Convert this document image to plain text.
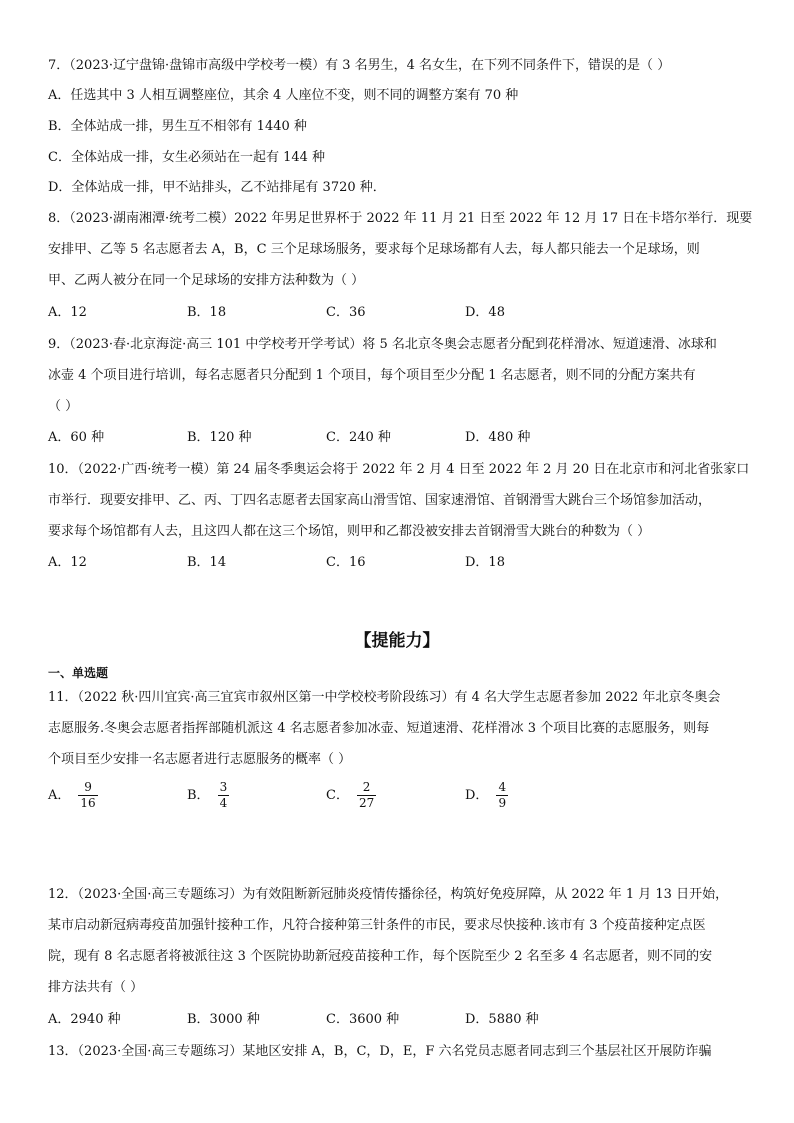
7．（2023·辽宁盘锦·盘锦市高级中学校考一模）有 3 名男生，4 名女生，在下列不同条件下，错误的是（ ）
A．任选其中 3 人相互调整座位，其余 4 人座位不变，则不同的调整方案有 70 种
B．全体站成一排，男生互不相邻有 1440 种
C．全体站成一排，女生必须站在一起有 144 种
D．全体站成一排，甲不站排头，乙不站排尾有 3720 种．
8．（2023·湖南湘潭·统考二模）2022 年男足世界杯于 2022 年 11 月 21 日至 2022 年 12 月 17 日在卡塔尔举行．现要
安排甲、乙等 5 名志愿者去 A，B，C 三个足球场服务，要求每个足球场都有人去，每人都只能去一个足球场，则
甲、乙两人被分在同一个足球场的安排方法种数为（ ）
A．12	B．18	C．36	D．48
9．（2023·春·北京海淀·高三 101 中学校考开学考试）将 5 名北京冬奥会志愿者分配到花样滑冰、短道速滑、冰球和
冰壶 4 个项目进行培训，每名志愿者只分配到 1 个项目，每个项目至少分配 1 名志愿者，则不同的分配方案共有
（ ）
A．60 种	B．120 种	C．240 种	D．480 种
10．（2022·广西·统考一模）第 24 届冬季奥运会将于 2022 年 2 月 4 日至 2022 年 2 月 20 日在北京市和河北省张家口
市举行．现要安排甲、乙、丙、丁四名志愿者去国家高山滑雪馆、国家速滑馆、首钢滑雪大跳台三个场馆参加活动，
要求每个场馆都有人去，且这四人都在这三个场馆，则甲和乙都没被安排去首钢滑雪大跳台的种数为（ ）
A．12	B．14	C．16	D．18
【提能力】
一、单选题
11．（2022 秋·四川宜宾·高三宜宾市叙州区第一中学校校考阶段练习）有 4 名大学生志愿者参加 2022 年北京冬奥会
志愿服务.冬奥会志愿者指挥部随机派这 4 名志愿者参加冰壶、短道速滑、花样滑冰 3 个项目比赛的志愿服务，则每
个项目至少安排一名志愿者进行志愿服务的概率（ ）
A． $\frac{9}{16}$	B． $\frac{3}{4}$	C． $\frac{2}{27}$	D． $\frac{4}{9}$
12．（2023·全国·高三专题练习）为有效阻断新冠肺炎疫情传播徐径，构筑好免疫屏障，从 2022 年 1 月 13 日开始，
某市启动新冠病毒疫苗加强针接种工作，凡符合接种第三针条件的市民，要求尽快接种.该市有 3 个疫苗接种定点医
院，现有 8 名志愿者将被派往这 3 个医院协助新冠疫苗接种工作，每个医院至少 2 名至多 4 名志愿者，则不同的安
排方法共有（ ）
A．2940 种	B．3000 种	C．3600 种	D．5880 种
13．（2023·全国·高三专题练习）某地区安排 A，B，C，D，E，F 六名党员志愿者同志到三个基层社区开展防诈骗
